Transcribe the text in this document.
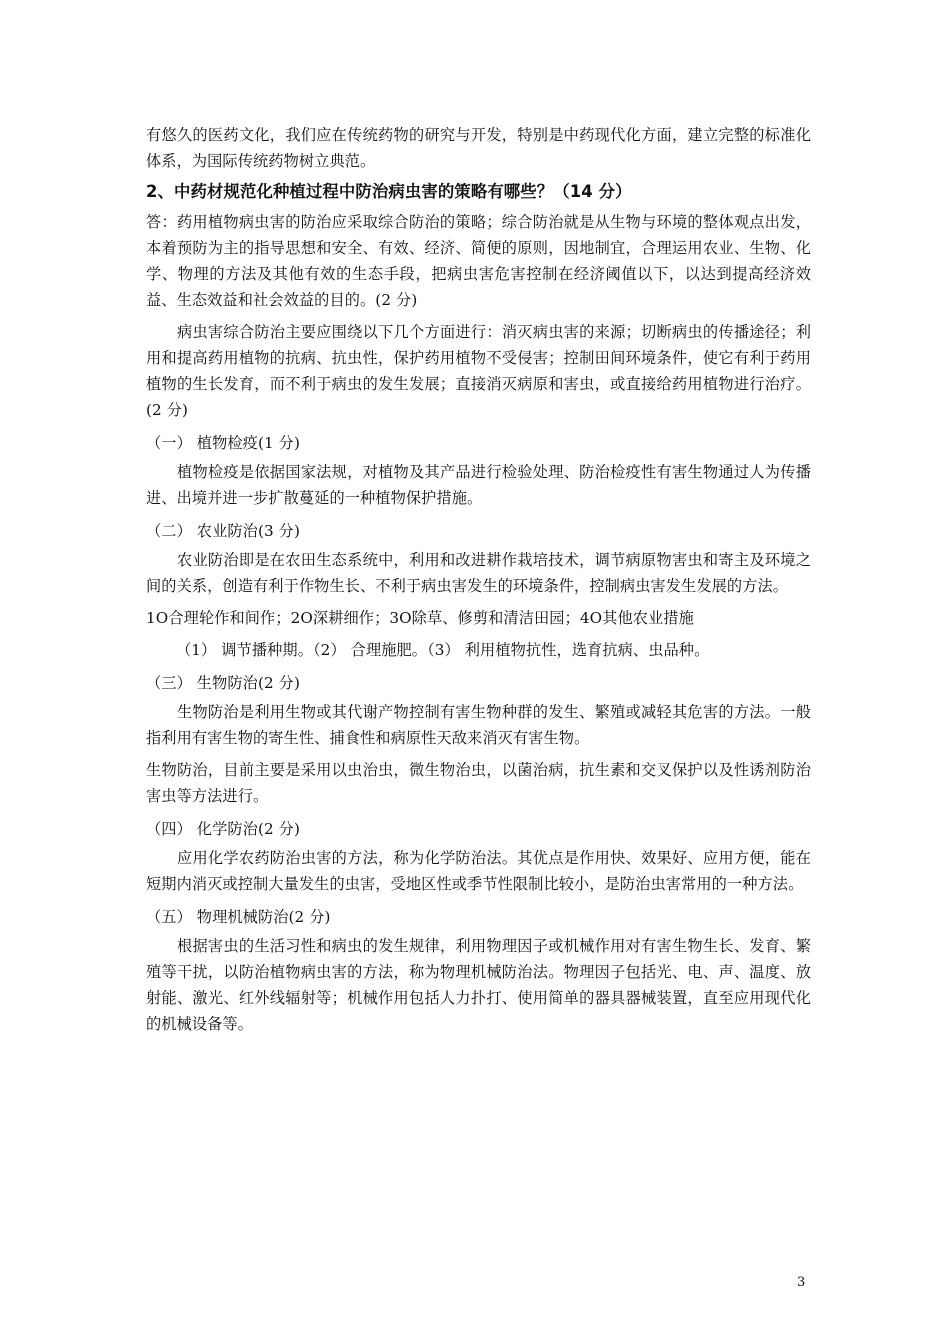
有悠久的医药文化，我们应在传统药物的研究与开发，特别是中药现代化方面，建立完整的标准化体系，为国际传统药物树立典范。

2、中药材规范化种植过程中防治病虫害的策略有哪些？（14 分）

答：药用植物病虫害的防治应采取综合防治的策略；综合防治就是从生物与环境的整体观点出发，本着预防为主的指导思想和安全、有效、经济、简便的原则，因地制宜，合理运用农业、生物、化学、物理的方法及其他有效的生态手段，把病虫害危害控制在经济阈值以下，以达到提高经济效益、生态效益和社会效益的目的。(2 分)

病虫害综合防治主要应围绕以下几个方面进行：消灭病虫害的来源；切断病虫的传播途径；利用和提高药用植物的抗病、抗虫性，保护药用植物不受侵害；控制田间环境条件，使它有利于药用植物的生长发育，而不利于病虫的发生发展；直接消灭病原和害虫，或直接给药用植物进行治疗。(2 分)

（一） 植物检疫(1 分)

植物检疫是依据国家法规，对植物及其产品进行检验处理、防治检疫性有害生物通过人为传播进、出境并进一步扩散蔓延的一种植物保护措施。

（二） 农业防治(3 分)

农业防治即是在农田生态系统中，利用和改进耕作栽培技术，调节病原物害虫和寄主及环境之间的关系，创造有利于作物生长、不利于病虫害发生的环境条件，控制病虫害发生发展的方法。

1O合理轮作和间作；2O深耕细作；3O除草、修剪和清洁田园；4O其他农业措施

（1） 调节播种期。（2） 合理施肥。（3） 利用植物抗性，选育抗病、虫品种。

（三） 生物防治(2 分)

生物防治是利用生物或其代谢产物控制有害生物种群的发生、繁殖或减轻其危害的方法。一般指利用有害生物的寄生性、捕食性和病原性天敌来消灭有害生物。

生物防治，目前主要是采用以虫治虫，微生物治虫，以菌治病，抗生素和交叉保护以及性诱剂防治害虫等方法进行。

（四） 化学防治(2 分)

应用化学农药防治虫害的方法，称为化学防治法。其优点是作用快、效果好、应用方便，能在短期内消灭或控制大量发生的虫害，受地区性或季节性限制比较小，是防治虫害常用的一种方法。

（五） 物理机械防治(2 分)

根据害虫的生活习性和病虫的发生规律，利用物理因子或机械作用对有害生物生长、发育、繁殖等干扰，以防治植物病虫害的方法，称为物理机械防治法。物理因子包括光、电、声、温度、放射能、激光、红外线辐射等；机械作用包括人力扑打、使用简单的器具器械装置，直至应用现代化的机械设备等。

3
